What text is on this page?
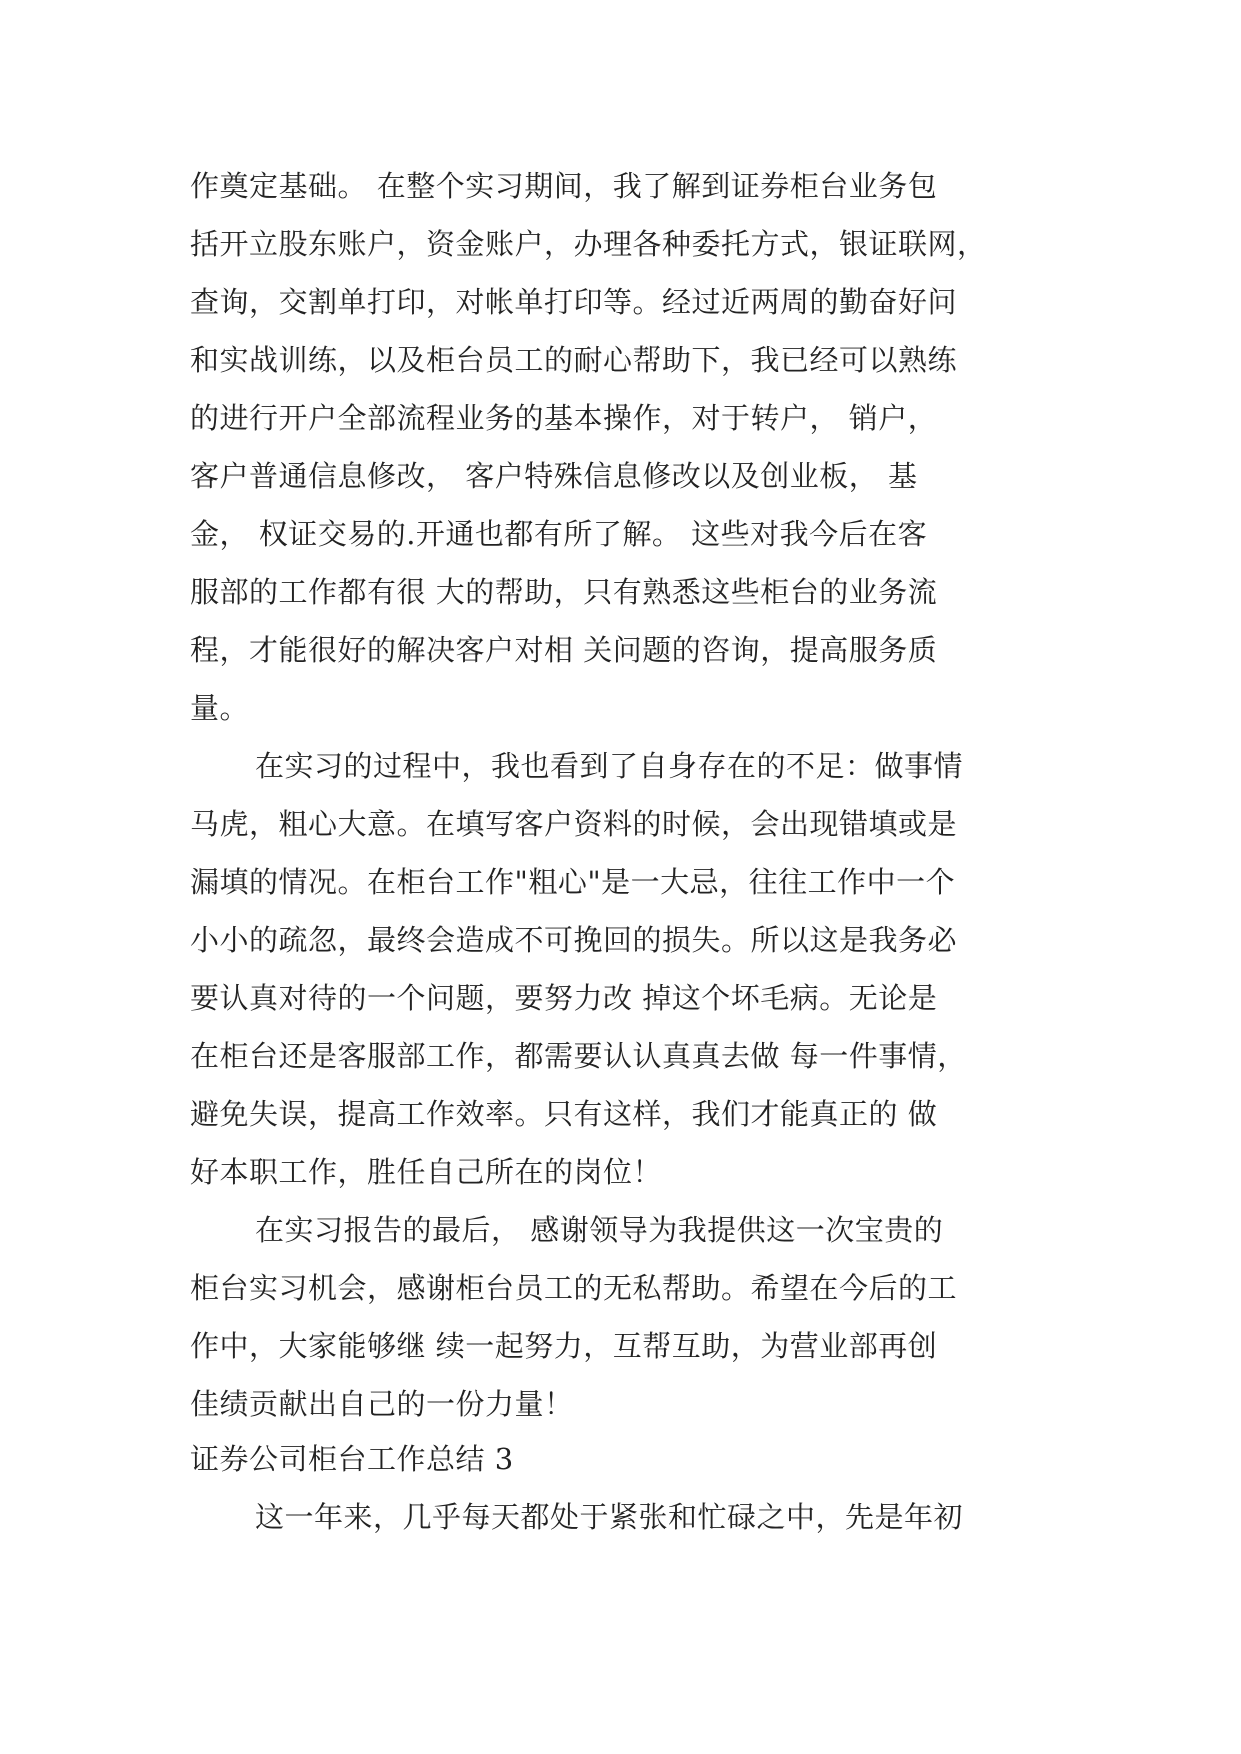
作奠定基础。 在整个实习期间，我了解到证券柜台业务包
括开立股东账户，资金账户，办理各种委托方式，银证联网，
查询，交割单打印，对帐单打印等。经过近两周的勤奋好问
和实战训练，以及柜台员工的耐心帮助下，我已经可以熟练
的进行开户全部流程业务的基本操作，对于转户， 销户，
客户普通信息修改， 客户特殊信息修改以及创业板， 基
金， 权证交易的.开通也都有所了解。 这些对我今后在客
服部的工作都有很 大的帮助，只有熟悉这些柜台的业务流
程，才能很好的解决客户对相 关问题的咨询，提高服务质
量。
在实习的过程中，我也看到了自身存在的不足：做事情
马虎，粗心大意。在填写客户资料的时候，会出现错填或是
漏填的情况。在柜台工作"粗心"是一大忌，往往工作中一个
小小的疏忽，最终会造成不可挽回的损失。所以这是我务必
要认真对待的一个问题，要努力改 掉这个坏毛病。无论是
在柜台还是客服部工作，都需要认认真真去做 每一件事情，
避免失误，提高工作效率。只有这样，我们才能真正的 做
好本职工作，胜任自己所在的岗位！
在实习报告的最后， 感谢领导为我提供这一次宝贵的
柜台实习机会，感谢柜台员工的无私帮助。希望在今后的工
作中，大家能够继 续一起努力，互帮互助，为营业部再创
佳绩贡献出自己的一份力量！
证券公司柜台工作总结 3
这一年来，几乎每天都处于紧张和忙碌之中，先是年初
